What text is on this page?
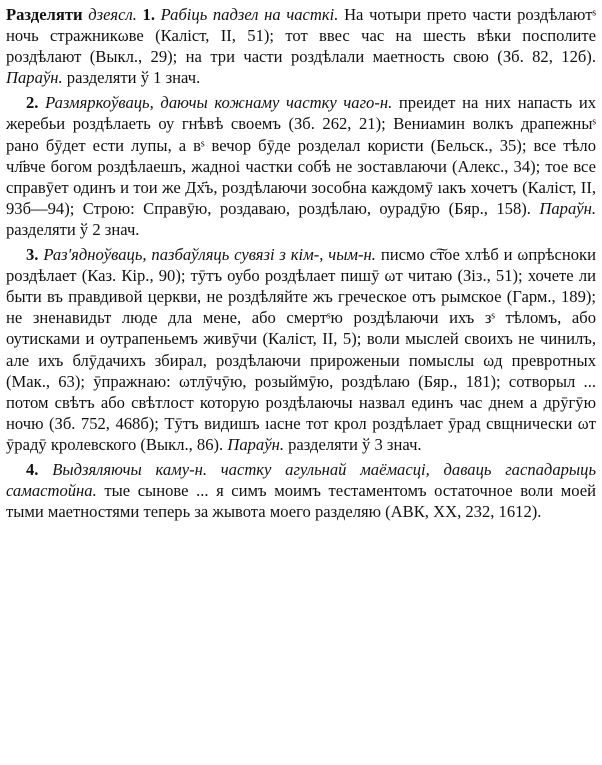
Разделяти дзеясл. 1. Рабіць падзел на часткі. На чотыри прето части роздѣлаютˢ ночь стражникωве (Каліст, II, 51); тот ввес час на шесть вѣки посполите роздѣлают (Выкл., 29); на три части роздѣлали маетность свою (Зб. 82, 12б). Параўн. разделяти ў 1 знач.

2. Размяркоўваць, даючы кожнаму частку чаго-н. преидет на них напасть их жеребьи роздѣлаеть оу гнѣвѣ своемъ (Зб. 262, 21); Вениамин волкъ драпежныˢ рано бӯдет ести лупы, а вˢ вечор бӯде розделал користи (Бельск., 35); все тѣло чл҃вче богом роздѣлаешъ, жадноі частки собѣ не зоставлаючи (Алекс., 34); тое все справӯет одинъ и тои же Дх҃ъ, роздѣлаючи зособна каждомӯ ıакъ хочетъ (Каліст, II, 93б—94); Строю: Справӯю, роздаваю, роздѣлаю, оурадӯю (Бяр., 158). Параўн. разделяти ў 2 знач.

3. Раз'ядноўваць, пазбаўляць сувязі з кім-, чым-н. писмо с͠тое хлѣб и ωпрѣсноки роздѣлает (Каз. Кір., 90); тӯтъ оубо роздѣлает пишӯ ωт читаю (Зіз., 51); хочете ли быти въ правдивой церкви, не роздѣляйте жъ греческое отъ рымское (Гарм., 189); не зненавидьт люде дла мене, або смертˢю роздѣлаючи ихъ зˢ тѣломъ, або оутисками и оутрапеньемъ живӯчи (Каліст, II, 5); воли мыслей своихъ не чинилъ, але ихъ блӯдачихъ збирал, роздѣлаючи прироженыи помыслы ωд превротных (Мак., 63); ӯпражнаю: ωтлӯчӯю, розыймӯю, роздѣлаю (Бяр., 181); сотворыл ... потом свѣтъ або свѣтлост которую роздѣлаючы назвал единъ час днем а дрӯгӯю ночю (Зб. 752, 468б); Тӯтъ видишъ ıасне тот крол роздѣлает ӯрад свщнически ωт ӯрадӯ кролевского (Выкл., 86). Параўн. разделяти ў 3 знач.

4. Выдзяляючы каму-н. частку агульнай маёмасці, даваць гаспадарыць самастойна. тые сынове ... я симъ моимъ тестаментомъ остаточное воли моей тыми маетностями теперь за жывота моего разделяю (АВК, XX, 232, 1612).
